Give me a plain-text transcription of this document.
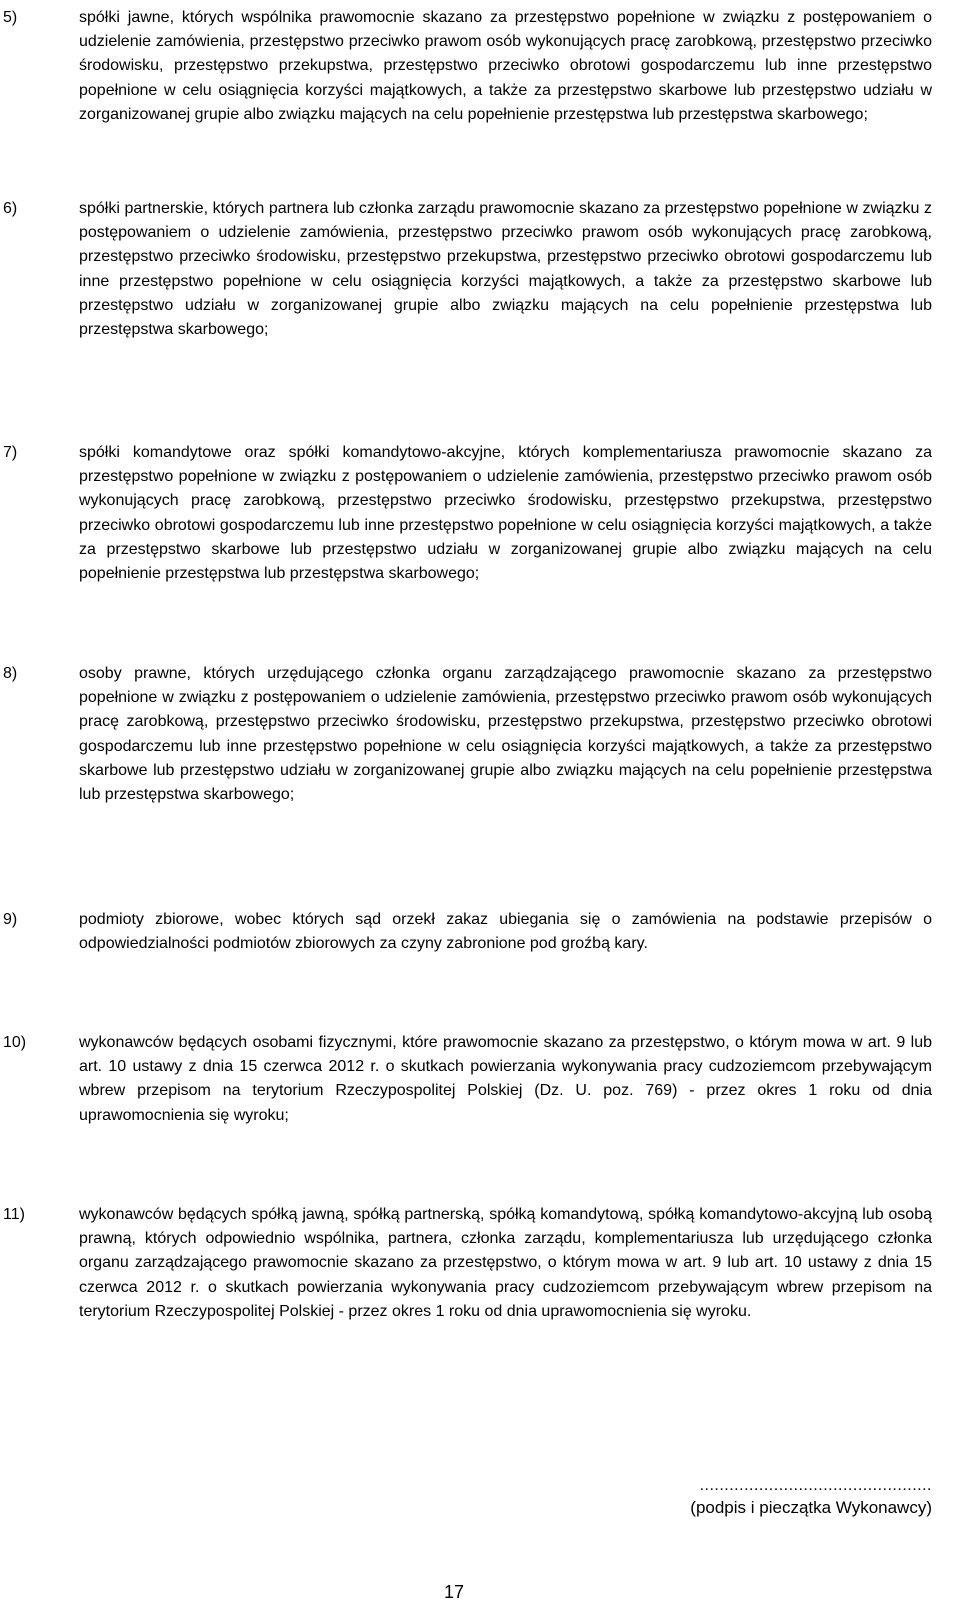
5)	spółki jawne, których wspólnika prawomocnie skazano za przestępstwo popełnione w związku z postępowaniem o udzielenie zamówienia, przestępstwo przeciwko prawom osób wykonujących pracę zarobkową, przestępstwo przeciwko środowisku, przestępstwo przekupstwa, przestępstwo przeciwko obrotowi gospodarczemu lub inne przestępstwo popełnione w celu osiągnięcia korzyści majątkowych, a także za przestępstwo skarbowe lub przestępstwo udziału w zorganizowanej grupie albo związku mających na celu popełnienie przestępstwa lub przestępstwa skarbowego;
6)	spółki partnerskie, których partnera lub członka zarządu prawomocnie skazano za przestępstwo popełnione w związku z postępowaniem o udzielenie zamówienia, przestępstwo przeciwko prawom osób wykonujących pracę zarobkową, przestępstwo przeciwko środowisku, przestępstwo przekupstwa, przestępstwo przeciwko obrotowi gospodarczemu lub inne przestępstwo popełnione w celu osiągnięcia korzyści majątkowych, a także za przestępstwo skarbowe lub przestępstwo udziału w zorganizowanej grupie albo związku mających na celu popełnienie przestępstwa lub przestępstwa skarbowego;
7)	spółki komandytowe oraz spółki komandytowo-akcyjne, których komplementariusza prawomocnie skazano za przestępstwo popełnione w związku z postępowaniem o udzielenie zamówienia, przestępstwo przeciwko prawom osób wykonujących pracę zarobkową, przestępstwo przeciwko środowisku, przestępstwo przekupstwa, przestępstwo przeciwko obrotowi gospodarczemu lub inne przestępstwo popełnione w celu osiągnięcia korzyści majątkowych, a także za przestępstwo skarbowe lub przestępstwo udziału w zorganizowanej grupie albo związku mających na celu popełnienie przestępstwa lub przestępstwa skarbowego;
8)	osoby prawne, których urzędującego członka organu zarządzającego prawomocnie skazano za przestępstwo popełnione w związku z postępowaniem o udzielenie zamówienia, przestępstwo przeciwko prawom osób wykonujących pracę zarobkową, przestępstwo przeciwko środowisku, przestępstwo przekupstwa, przestępstwo przeciwko obrotowi gospodarczemu lub inne przestępstwo popełnione w celu osiągnięcia korzyści majątkowych, a także za przestępstwo skarbowe lub przestępstwo udziału w zorganizowanej grupie albo związku mających na celu popełnienie przestępstwa lub przestępstwa skarbowego;
9)	podmioty zbiorowe, wobec których sąd orzekł zakaz ubiegania się o zamówienia na podstawie przepisów o odpowiedzialności podmiotów zbiorowych za czyny zabronione pod groźbą kary.
10)	wykonawców będących osobami fizycznymi, które prawomocnie skazano za przestępstwo, o którym mowa w art. 9 lub art. 10 ustawy z dnia 15 czerwca 2012 r. o skutkach powierzania wykonywania pracy cudzoziemcom przebywającym wbrew przepisom na terytorium Rzeczypospolitej Polskiej (Dz. U. poz. 769) - przez okres 1 roku od dnia uprawomocnienia się wyroku;
11)	wykonawców będących spółką jawną, spółką partnerską, spółką komandytową, spółką komandytowo-akcyjną lub osobą prawną, których odpowiednio wspólnika, partnera, członka zarządu, komplementariusza lub urzędującego członka organu zarządzającego prawomocnie skazano za przestępstwo, o którym mowa w art. 9 lub art. 10 ustawy z dnia 15 czerwca 2012 r. o skutkach powierzania wykonywania pracy cudzoziemcom przebywającym wbrew przepisom na terytorium Rzeczypospolitej Polskiej - przez okres 1 roku od dnia uprawomocnienia się wyroku.
...............................................
(podpis i pieczątka Wykonawcy)
17
